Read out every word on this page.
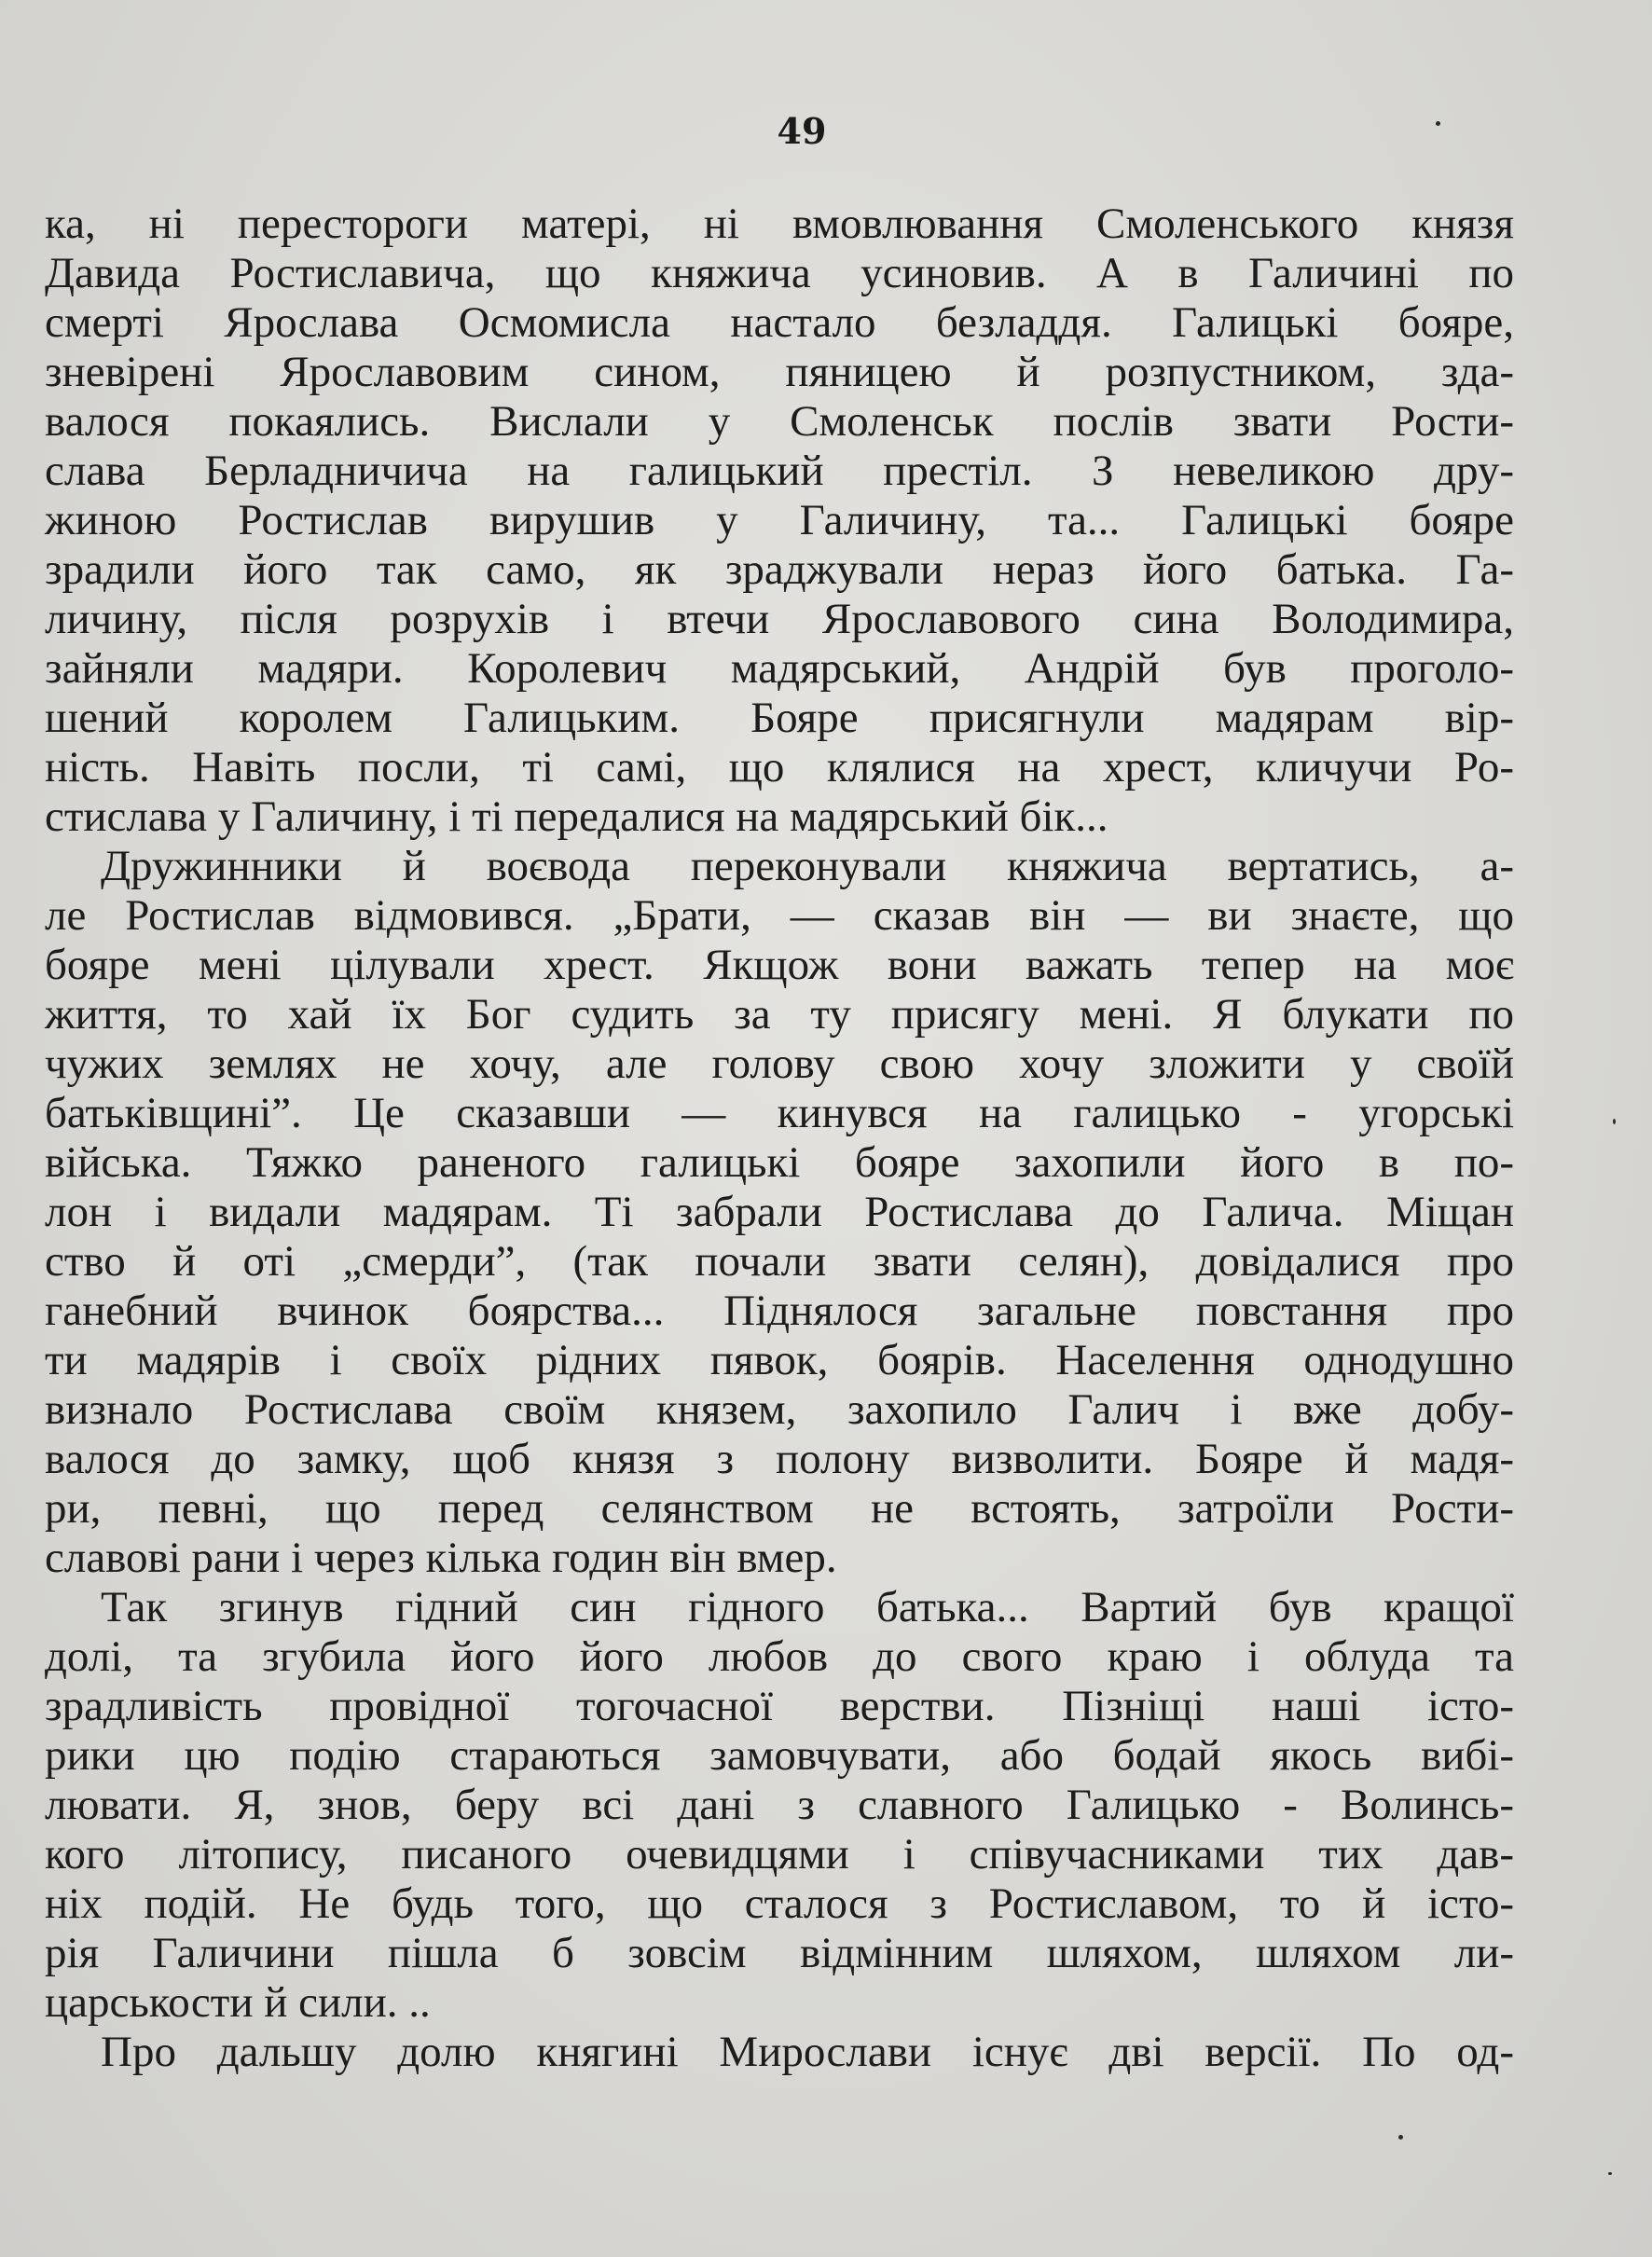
49
ка, ні перестороги матері, ні вмовлювання Смоленського князя
Давида Ростиславича, що княжича усиновив. А в Галичині по
смерті Ярослава Осмомисла настало безладдя. Галицькі бояре,
зневірені Ярославовим сином, пяницею й розпустником, зда-
валося покаялись. Вислали у Смоленськ послів звати Рости-
слава Берладничича на галицький престіл. З невеликою дру-
жиною Ростислав вирушив у Галичину, та... Галицькі бояре
зрадили його так само, як зраджували нераз його батька. Га-
личину, після розрухів і втечи Ярославового сина Володимира,
зайняли мадяри. Королевич мадярський, Андрій був проголо-
шений королем Галицьким. Бояре присягнули мадярам вір-
ність. Навіть посли, ті самі, що клялися на хрест, кличучи Ро-
стислава у Галичину, і ті передалися на мадярський бік...
Дружинники й воєвода переконували княжича вертатись, а-
ле Ростислав відмовився. „Брати, — сказав він — ви знаєте, що
бояре мені цілували хрест. Якщож вони важать тепер на моє
життя, то хай їх Бог судить за ту присягу мені. Я блукати по
чужих землях не хочу, але голову свою хочу зложити у своїй
батьківщині”. Це сказавши — кинувся на галицько - угорські
війська. Тяжко раненого галицькі бояре захопили його в по-
лон і видали мадярам. Ті забрали Ростислава до Галича. Міщан
ство й оті „смерди”, (так почали звати селян), довідалися про
ганебний вчинок боярства... Піднялося загальне повстання про
ти мадярів і своїх рідних пявок, боярів. Населення однодушно
визнало Ростислава своїм князем, захопило Галич і вже добу-
валося до замку, щоб князя з полону визволити. Бояре й мадя-
ри, певні, що перед селянством не встоять, затроїли Рости-
славові рани і через кілька годин він вмер.
Так згинув гідний син гідного батька... Вартий був кращої
долі, та згубила його його любов до свого краю і облуда та
зрадливість провідної тогочасної верстви. Пізніщі наші істо-
рики цю подію стараються замовчувати, або бодай якось вибі-
лювати. Я, знов, беру всі дані з славного Галицько - Волинсь-
кого літопису, писаного очевидцями і співучасниками тих дав-
ніх подій. Не будь того, що сталося з Ростиславом, то й істо-
рія Галичини пішла б зовсім відмінним шляхом, шляхом ли-
царськости й сили. ..
Про дальшу долю княгині Мирослави існує дві версії. По од-
